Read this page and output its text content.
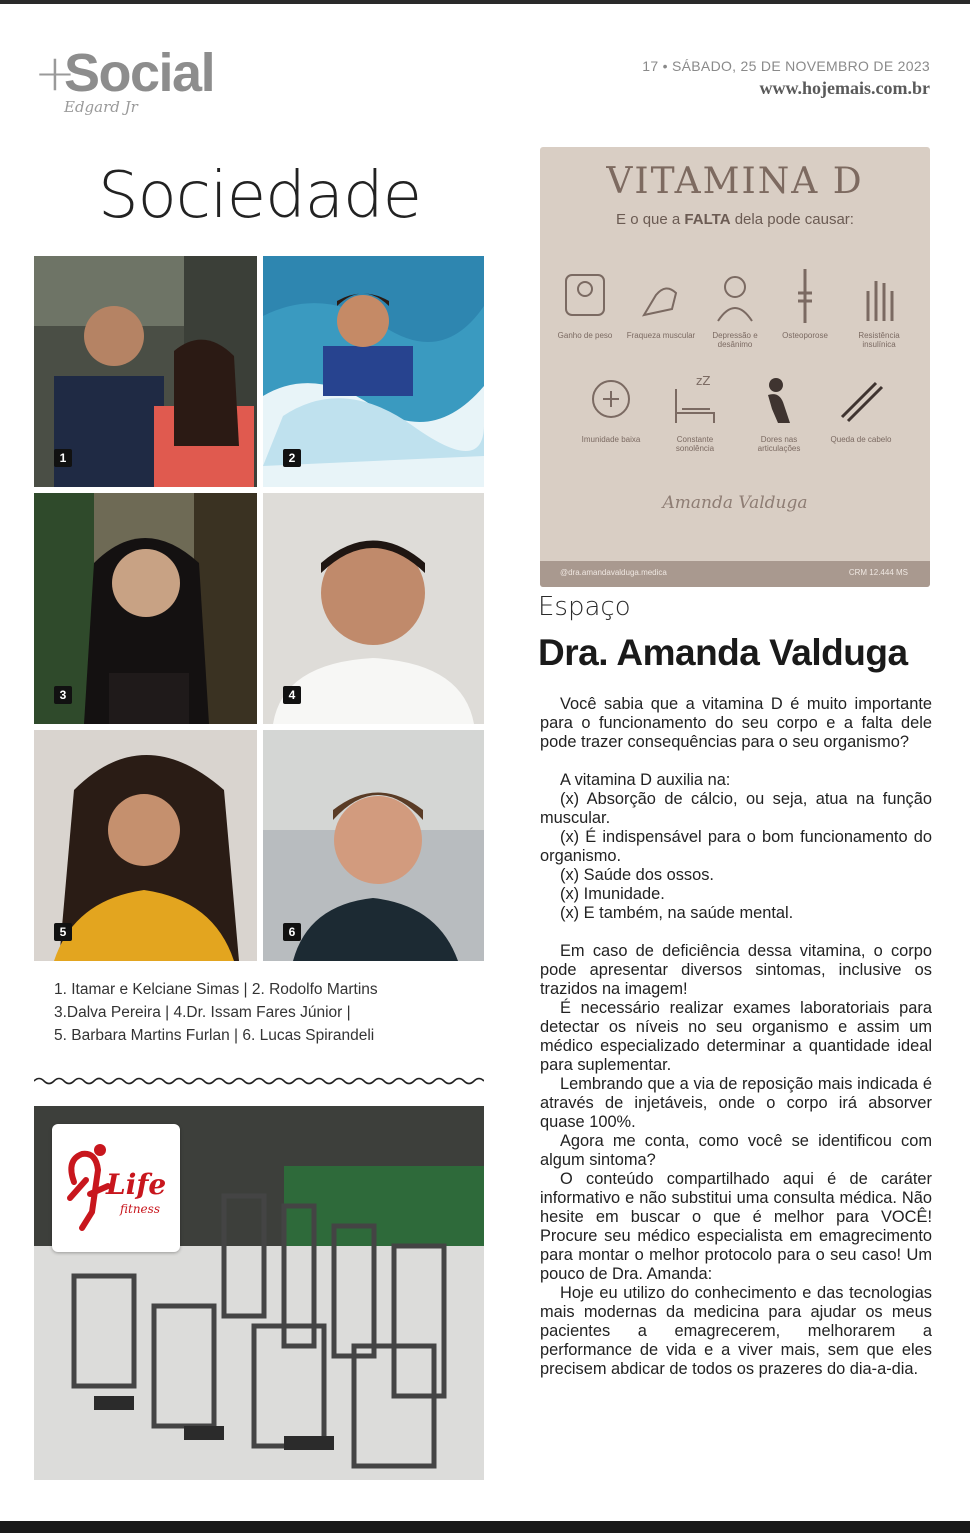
+
Social
Edgard Jr
17 • SÁBADO, 25 DE NOVEMBRO DE 2023
www.hojemais.com.br
Sociedade
1	2
3	4
5	6
1. Itamar e Kelciane Simas | 2. Rodolfo Martins
3.Dalva Pereira | 4.Dr. Issam Fares Júnior |
5. Barbara Martins Furlan | 6. Lucas Spirandeli
Life
fitness
VITAMINA D
E o que a FALTA dela pode causar:
Ganho de peso	Fraqueza muscular	Depressão e desânimo
Osteoporose	Resistência insulínica
Imunidade baixa
zZ
Constante sonolência
Dores nas articulações
Queda de cabelo
Amanda Valduga
@dra.amandavalduga.medica	CRM 12.444 MS
Espaço
Dra. Amanda Valduga

Você sabia que a vitamina D é muito importante para o funcionamento do seu corpo e a falta dele pode trazer consequências para o seu organismo?

A vitamina D auxilia na:

(x) Absorção de cálcio, ou seja, atua na função muscular.

(x) É indispensável para o bom funcionamento do organismo.

(x) Saúde dos ossos.

(x) Imunidade.

(x) E também, na saúde mental.

Em caso de deficiência dessa vitamina, o corpo pode apresentar diversos sintomas, inclusive os trazidos na imagem!

É necessário realizar exames laboratoriais para detectar os níveis no seu organismo e assim um médico especializado determinar a quantidade ideal para suplementar.

Lembrando que a via de reposição mais indicada é através de injetáveis, onde o corpo irá absorver quase 100%.

Agora me conta, como você se identificou com algum sintoma?

O conteúdo compartilhado aqui é de caráter informativo e não substitui uma consulta médica. Não hesite em buscar o que é melhor para VOCÊ! Procure seu médico especialista em emagrecimento para montar o melhor protocolo para o seu caso! Um pouco de Dra. Amanda:

Hoje eu utilizo do conhecimento e das tecnologias mais modernas da medicina para ajudar os meus pacientes a emagrecerem, melhorarem a performance de vida e a viver mais, sem que eles precisem abdicar de todos os prazeres do dia-a-dia.
